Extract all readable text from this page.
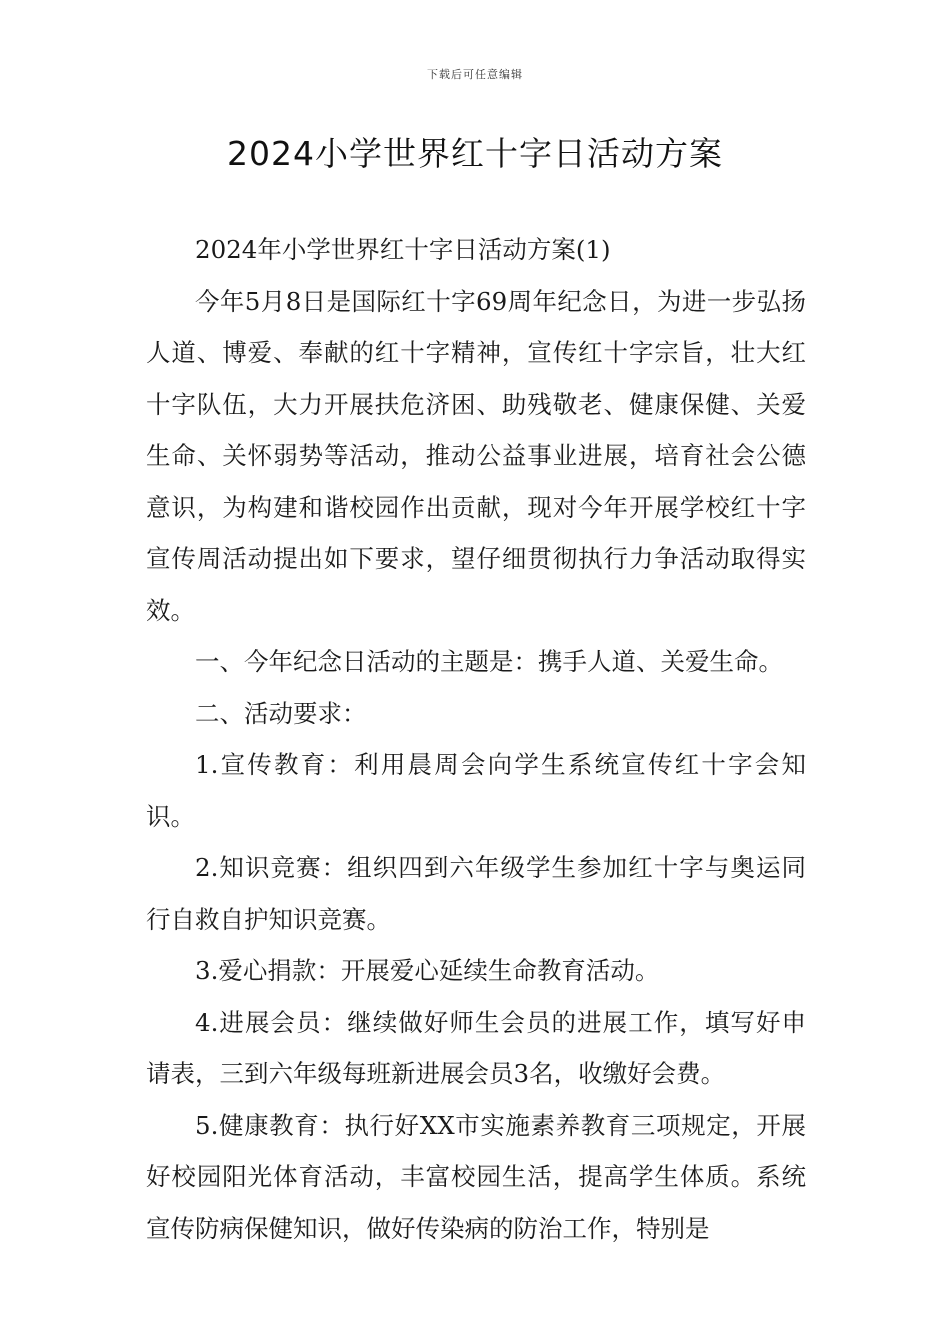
下载后可任意编辑
2024小学世界红十字日活动方案

2024年小学世界红十字日活动方案(1)

今年5月8日是国际红十字69周年纪念日，为进一步弘扬人道、博爱、奉献的红十字精神，宣传红十字宗旨，壮大红十字队伍，大力开展扶危济困、助残敬老、健康保健、关爱生命、关怀弱势等活动，推动公益事业进展，培育社会公德意识，为构建和谐校园作出贡献，现对今年开展学校红十字宣传周活动提出如下要求，望仔细贯彻执行力争活动取得实效。

一、今年纪念日活动的主题是：携手人道、关爱生命。

二、活动要求：

1.宣传教育：利用晨周会向学生系统宣传红十字会知识。

2.知识竞赛：组织四到六年级学生参加红十字与奥运同行自救自护知识竞赛。

3.爱心捐款：开展爱心延续生命教育活动。

4.进展会员：继续做好师生会员的进展工作，填写好申请表，三到六年级每班新进展会员3名，收缴好会费。

5.健康教育：执行好XX市实施素养教育三项规定，开展好校园阳光体育活动，丰富校园生活，提高学生体质。系统宣传防病保健知识，做好传染病的防治工作，特别是
